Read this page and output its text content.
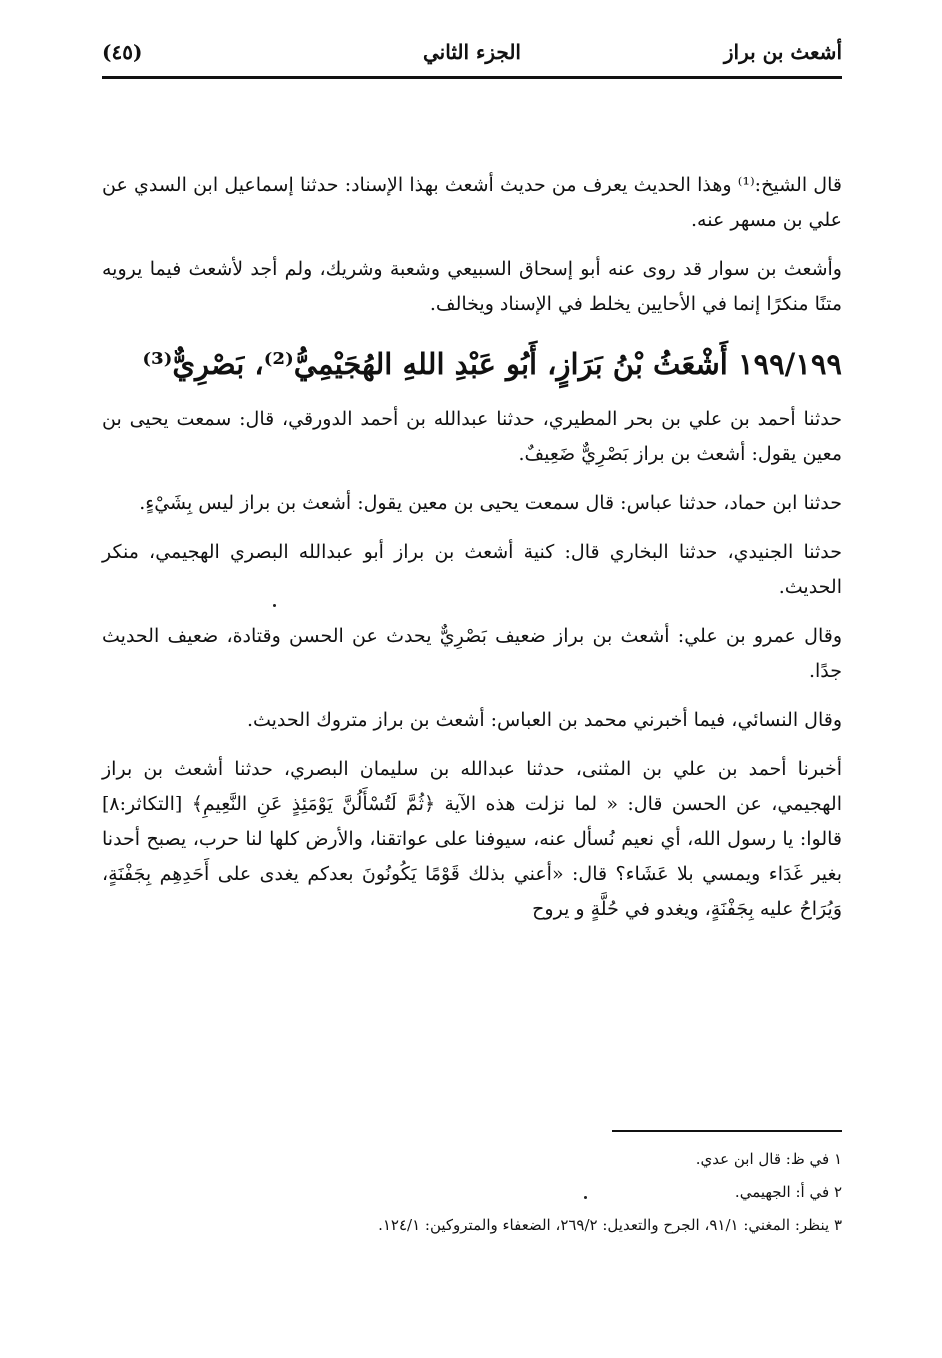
أشعث بن براز
الجزء الثاني
(٤٥)

قال الشيخ:⁽¹⁾ وهذا الحديث يعرف من حديث أشعث بهذا الإسناد: حدثنا إسماعيل ابن السدي عن علي بن مسهر عنه.

وأشعث بن سوار قد روى عنه أبو إسحاق السبيعي وشعبة وشريك، ولم أجد لأشعث فيما يرويه متنًا منكرًا إنما في الأحايين يخلط في الإسناد ويخالف.

١٩٩/١٩٩ أَشْعَثُ بْنُ بَرَازٍ، أَبُو عَبْدِ اللهِ الهُجَيْمِيُّ⁽²⁾، بَصْرِيٌّ⁽³⁾

حدثنا أحمد بن علي بن بحر المطيري، حدثنا عبدالله بن أحمد الدورقي، قال: سمعت يحيى بن معين يقول: أشعث بن براز بَصْرِيٌّ ضَعِيفٌ.

حدثنا ابن حماد، حدثنا عباس: قال سمعت يحيى بن معين يقول: أشعث بن براز ليس بِشَيْءٍ.

حدثنا الجنيدي، حدثنا البخاري قال: كنية أشعث بن براز أبو عبدالله البصري الهجيمي، منكر الحديث.

وقال عمرو بن علي: أشعث بن براز ضعيف بَصْرِيٌّ يحدث عن الحسن وقتادة، ضعيف الحديث جدًا.

وقال النسائي، فيما أخبرني محمد بن العباس: أشعث بن براز متروك الحديث.

أخبرنا أحمد بن علي بن المثنى، حدثنا عبدالله بن سليمان البصري، حدثنا أشعث بن براز الهجيمي، عن الحسن قال: « لما نزلت هذه الآية ﴿ثُمَّ لَتُسْأَلُنَّ يَوْمَئِذٍ عَنِ النَّعِيمِ﴾ [التكاثر:٨] قالوا: يا رسول الله، أي نعيم نُسأل عنه، سيوفنا على عواتقنا، والأرض كلها لنا حرب، يصبح أحدنا بغير غَدَاء ويمسي بلا عَشَاء؟ قال: «أعني بذلك قَوْمًا يَكُونُونَ بعدكم يغدى على أَحَدِهِم بِجَفْنَةٍ، وَيُرَاحُ عليه بِجَفْنَةٍ، ويغدو في حُلَّةٍ و يروح

١ في ظ: قال ابن عدي.
٢ في أ: الجهيمي.
٣ ينظر: المغني: ٩١/١، الجرح والتعديل: ٢٦٩/٢، الضعفاء والمتروكين: ١٢٤/١.
